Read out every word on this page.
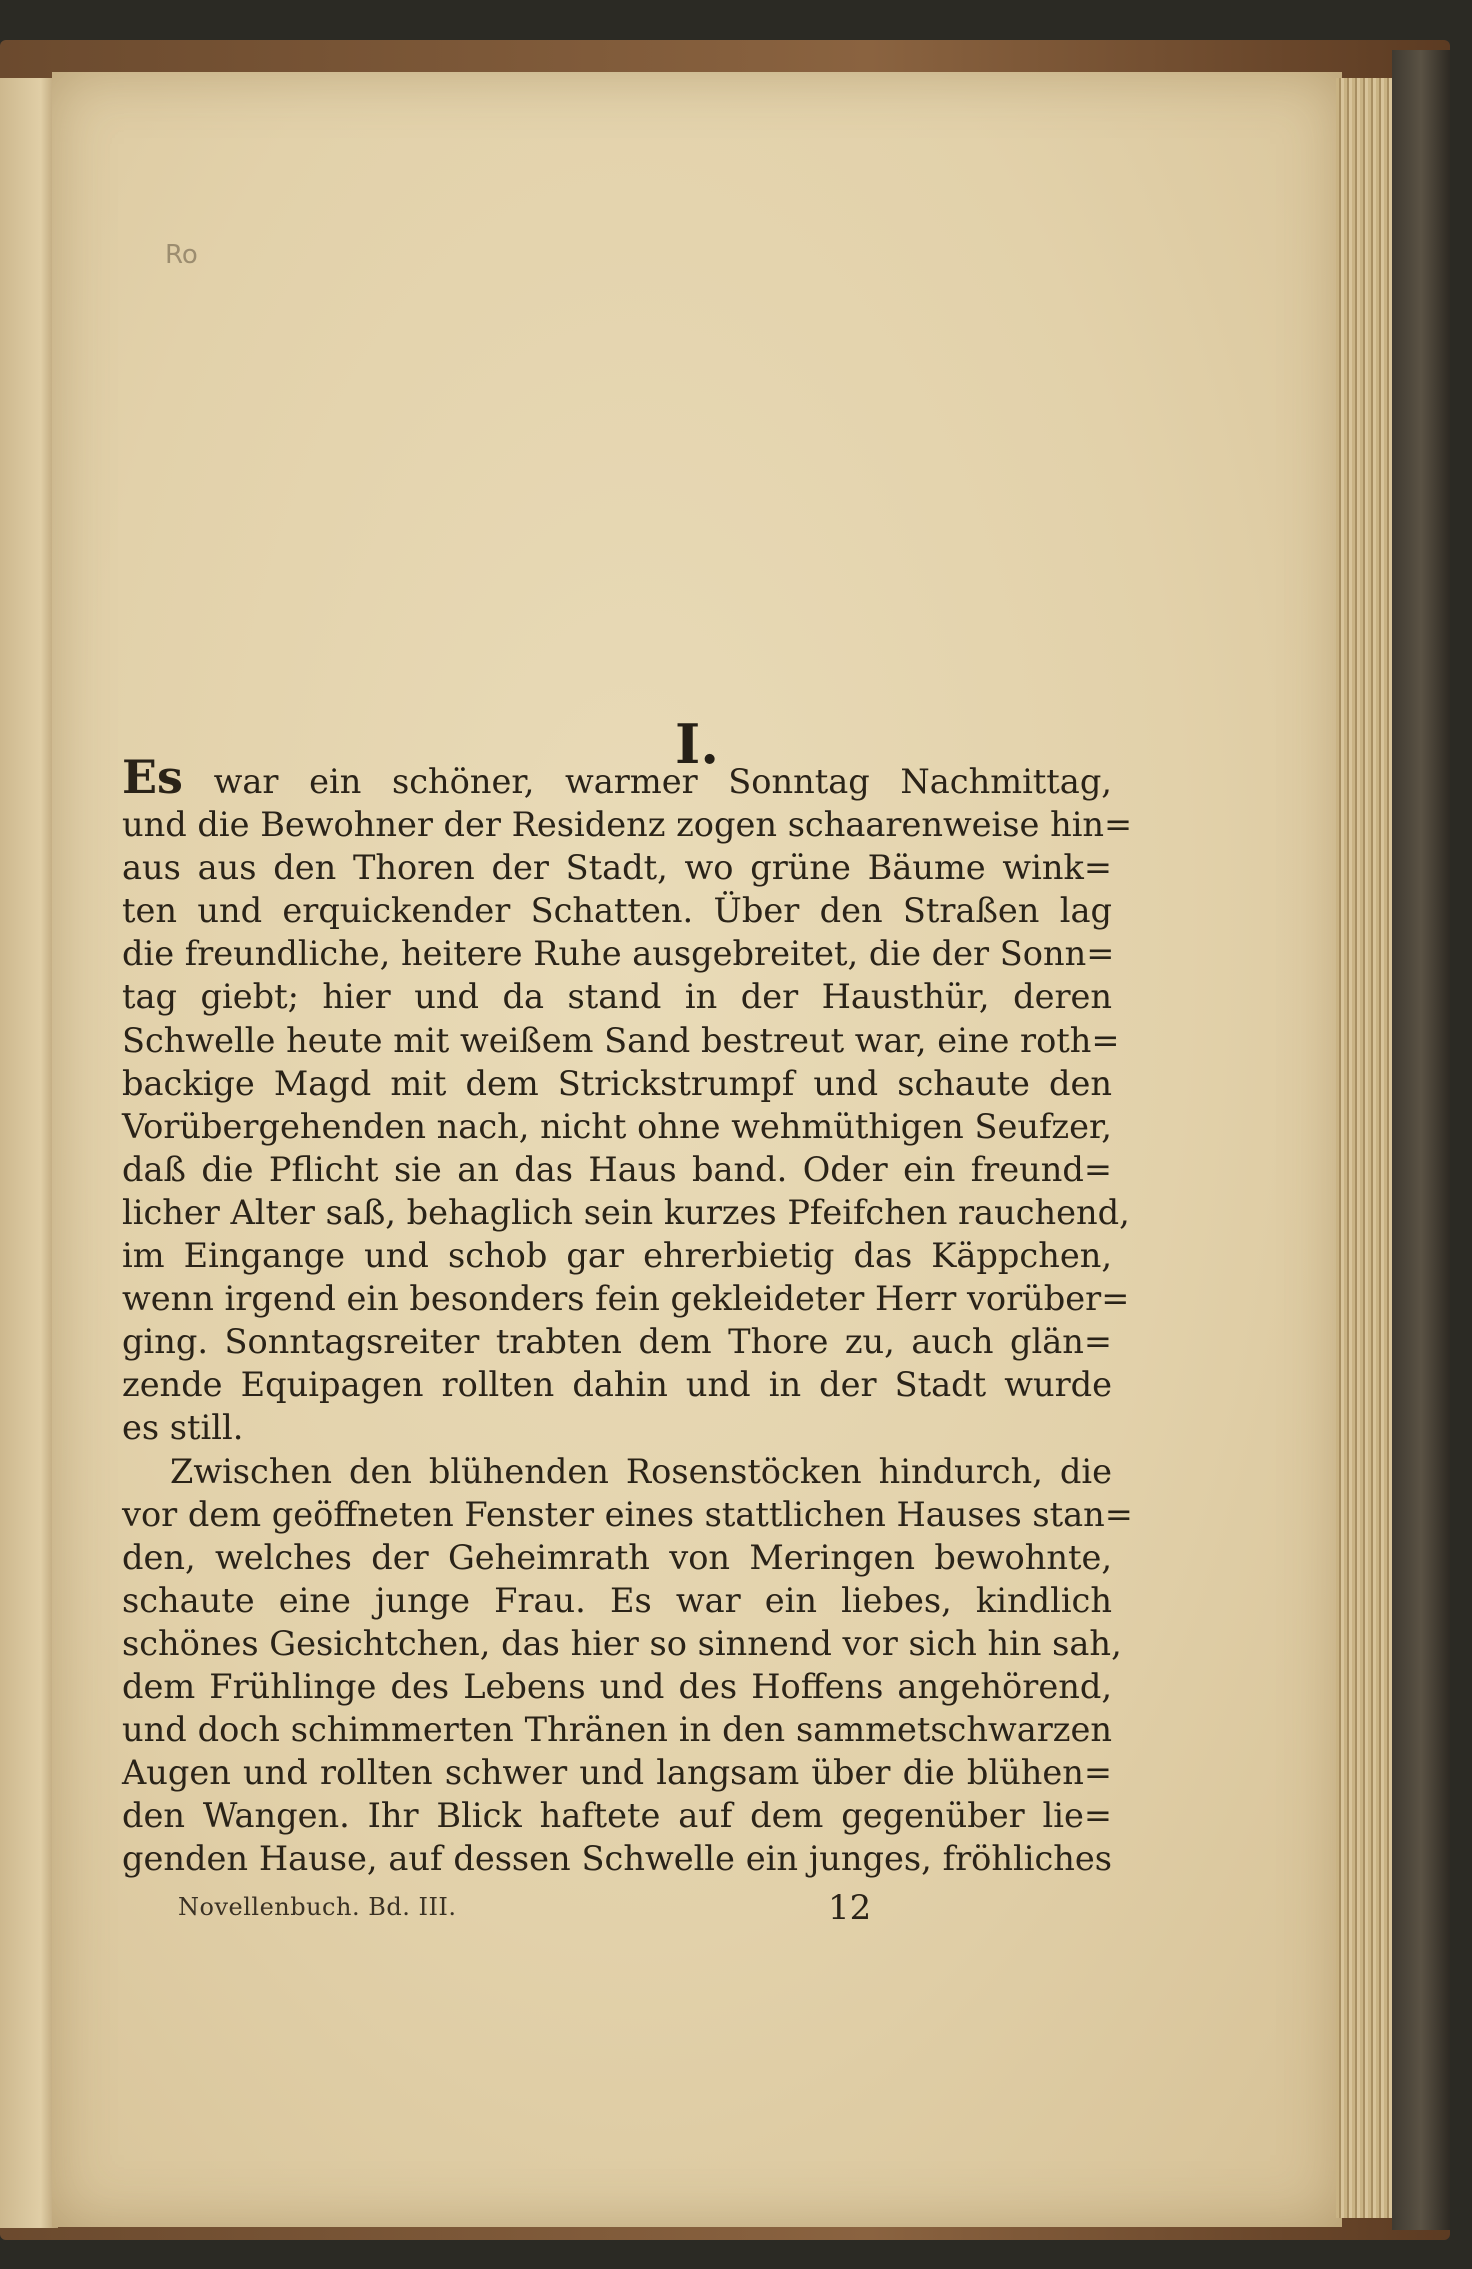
I.
Ro
Es war ein schöner, warmer Sonntag Nachmittag,
und die Bewohner der Residenz zogen schaarenweise hin=
aus aus den Thoren der Stadt, wo grüne Bäume wink=
ten und erquickender Schatten. Über den Straßen lag
die freundliche, heitere Ruhe ausgebreitet, die der Sonn=
tag giebt; hier und da stand in der Hausthür, deren
Schwelle heute mit weißem Sand bestreut war, eine roth=
backige Magd mit dem Strickstrumpf und schaute den
Vorübergehenden nach, nicht ohne wehmüthigen Seufzer,
daß die Pflicht sie an das Haus band. Oder ein freund=
licher Alter saß, behaglich sein kurzes Pfeifchen rauchend,
im Eingange und schob gar ehrerbietig das Käppchen,
wenn irgend ein besonders fein gekleideter Herr vorüber=
ging. Sonntagsreiter trabten dem Thore zu, auch glän=
zende Equipagen rollten dahin und in der Stadt wurde
es still.
Zwischen den blühenden Rosenstöcken hindurch, die
vor dem geöffneten Fenster eines stattlichen Hauses stan=
den, welches der Geheimrath von Meringen bewohnte,
schaute eine junge Frau. Es war ein liebes, kindlich
schönes Gesichtchen, das hier so sinnend vor sich hin sah,
dem Frühlinge des Lebens und des Hoffens angehörend,
und doch schimmerten Thränen in den sammetschwarzen
Augen und rollten schwer und langsam über die blühen=
den Wangen. Ihr Blick haftete auf dem gegenüber lie=
genden Hause, auf dessen Schwelle ein junges, fröhliches
Novellenbuch. Bd. III.	12
